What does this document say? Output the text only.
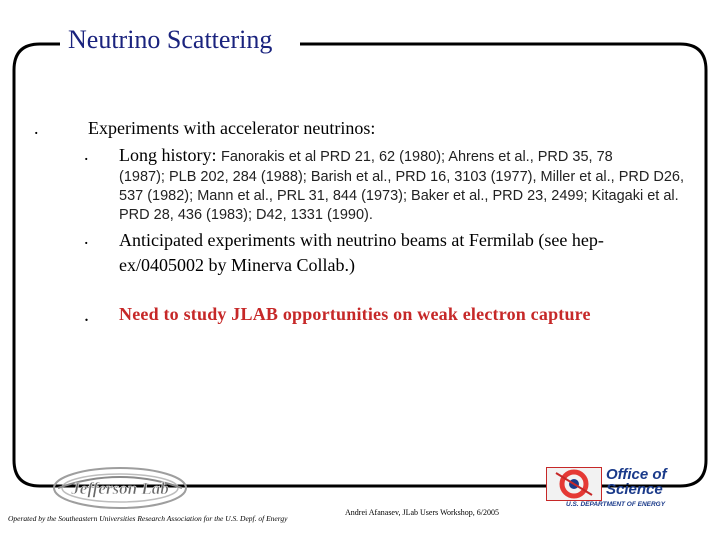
Neutrino Scattering
.	Experiments with accelerator neutrinos:
.	Long history: Fanorakis et al PRD 21, 62 (1980); Ahrens et al., PRD 35, 78
(1987); PLB 202, 284 (1988); Barish et al., PRD 16, 3103 (1977), Miller et al., PRD D26, 537 (1982); Mann et al., PRL 31, 844 (1973); Baker et al., PRD 23, 2499; Kitagaki et al. PRD 28, 436 (1983); D42, 1331 (1990).
.	Anticipated experiments with neutrino beams at Fermilab (see hep-ex/0405002 by Minerva Collab.)
.	Need to study JLAB opportunities on weak electron capture
Jefferson Lab
Operated by the Southeastern Universities Research Association for the U.S. Depf. of Energy
Andrei Afanasev, JLab Users Workshop, 6/2005
Office of
Science
U.S. DEPARTMENT OF ENERGY
